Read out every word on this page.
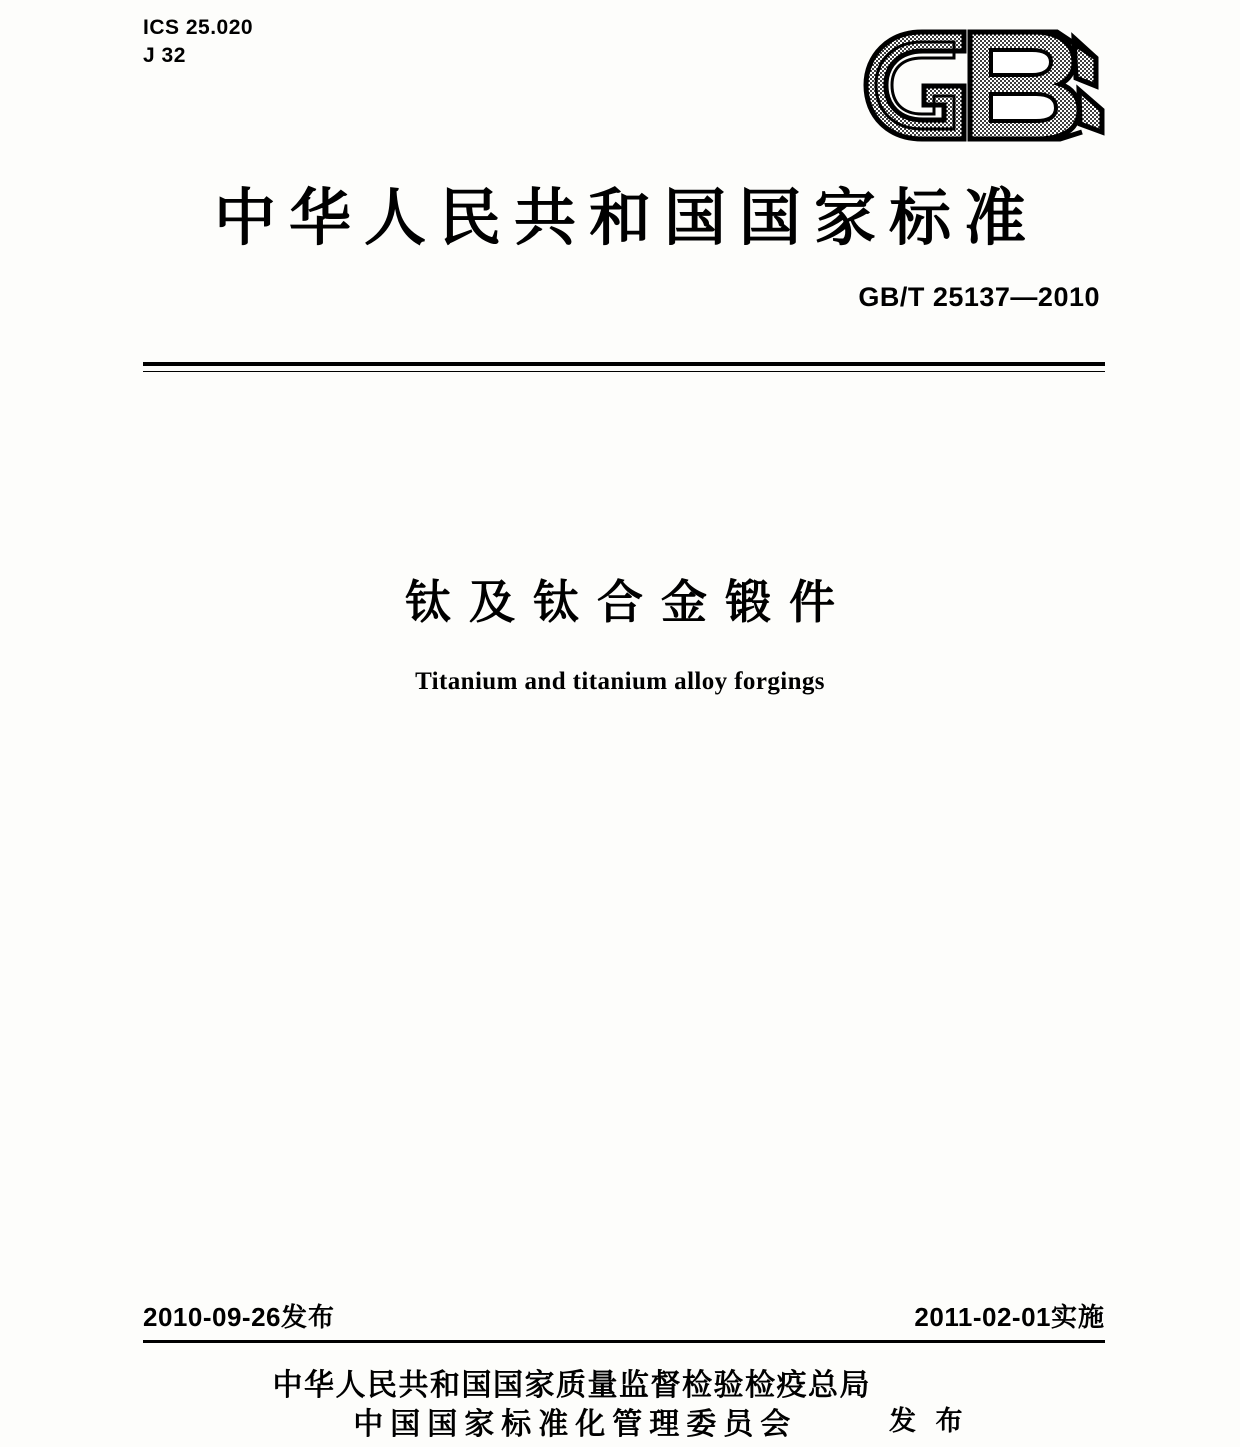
ICS 25.020
J 32
中华人民共和国国家标准
GB/T 25137—2010
钛及钛合金锻件
Titanium and titanium alloy forgings
2010-09-26发布	2011-02-01实施
中华人民共和国国家质量监督检验检疫总局
中国国家标准化管理委员会	发 布
